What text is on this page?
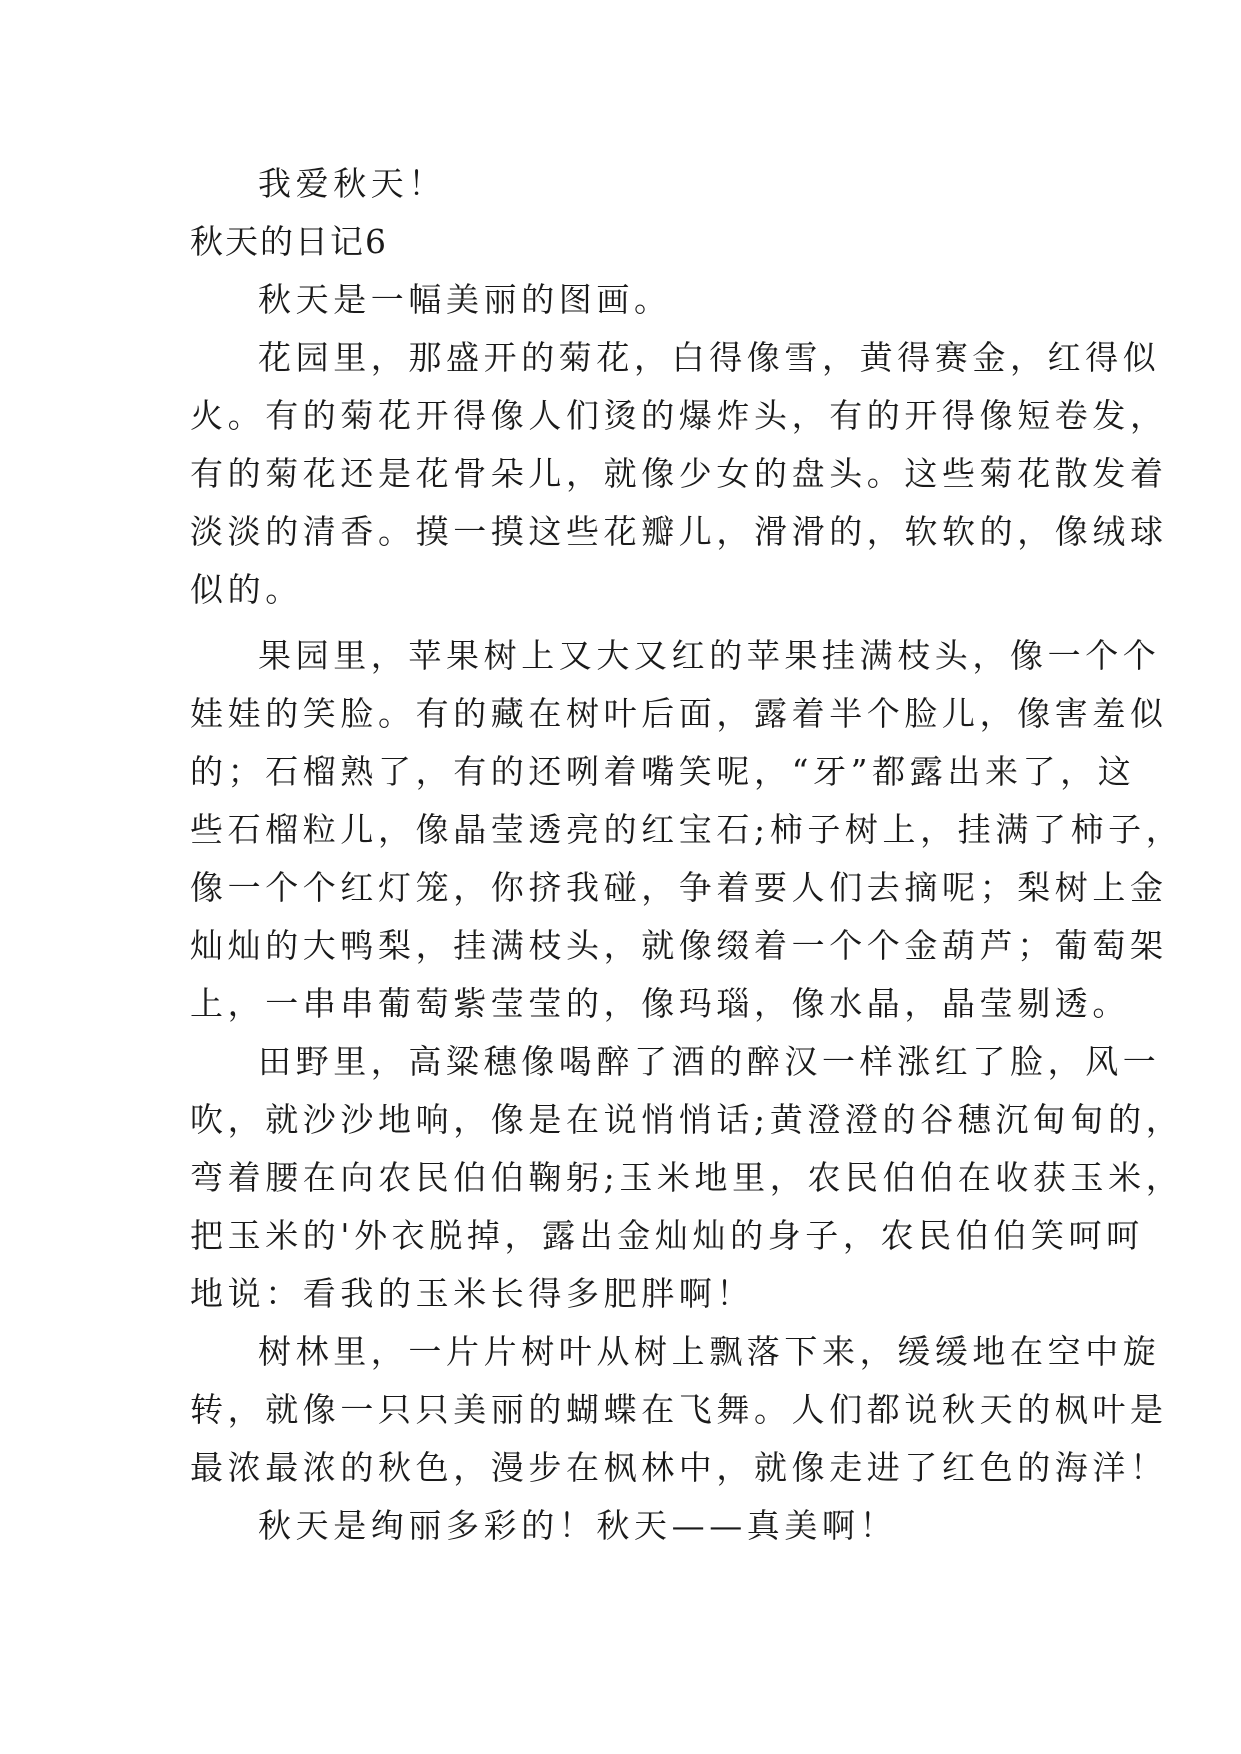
我爱秋天！

秋天的日记6

秋天是一幅美丽的图画。

花园里，那盛开的菊花，白得像雪，黄得赛金，红得似
火。有的菊花开得像人们烫的爆炸头，有的开得像短卷发，
有的菊花还是花骨朵儿，就像少女的盘头。这些菊花散发着
淡淡的清香。摸一摸这些花瓣儿，滑滑的，软软的，像绒球
似的。

果园里，苹果树上又大又红的苹果挂满枝头，像一个个
娃娃的笑脸。有的藏在树叶后面，露着半个脸儿，像害羞似
的；石榴熟了，有的还咧着嘴笑呢，“牙”都露出来了，这
些石榴粒儿，像晶莹透亮的红宝石;柿子树上，挂满了柿子，
像一个个红灯笼，你挤我碰，争着要人们去摘呢；梨树上金
灿灿的大鸭梨，挂满枝头，就像缀着一个个金葫芦；葡萄架
上，一串串葡萄紫莹莹的，像玛瑙，像水晶，晶莹剔透。

田野里，高粱穗像喝醉了酒的醉汉一样涨红了脸，风一
吹，就沙沙地响，像是在说悄悄话;黄澄澄的谷穗沉甸甸的，
弯着腰在向农民伯伯鞠躬;玉米地里，农民伯伯在收获玉米，
把玉米的'外衣脱掉，露出金灿灿的身子，农民伯伯笑呵呵
地说：看我的玉米长得多肥胖啊！

树林里，一片片树叶从树上飘落下来，缓缓地在空中旋
转，就像一只只美丽的蝴蝶在飞舞。人们都说秋天的枫叶是
最浓最浓的秋色，漫步在枫林中，就像走进了红色的海洋！

秋天是绚丽多彩的！秋天——真美啊！
